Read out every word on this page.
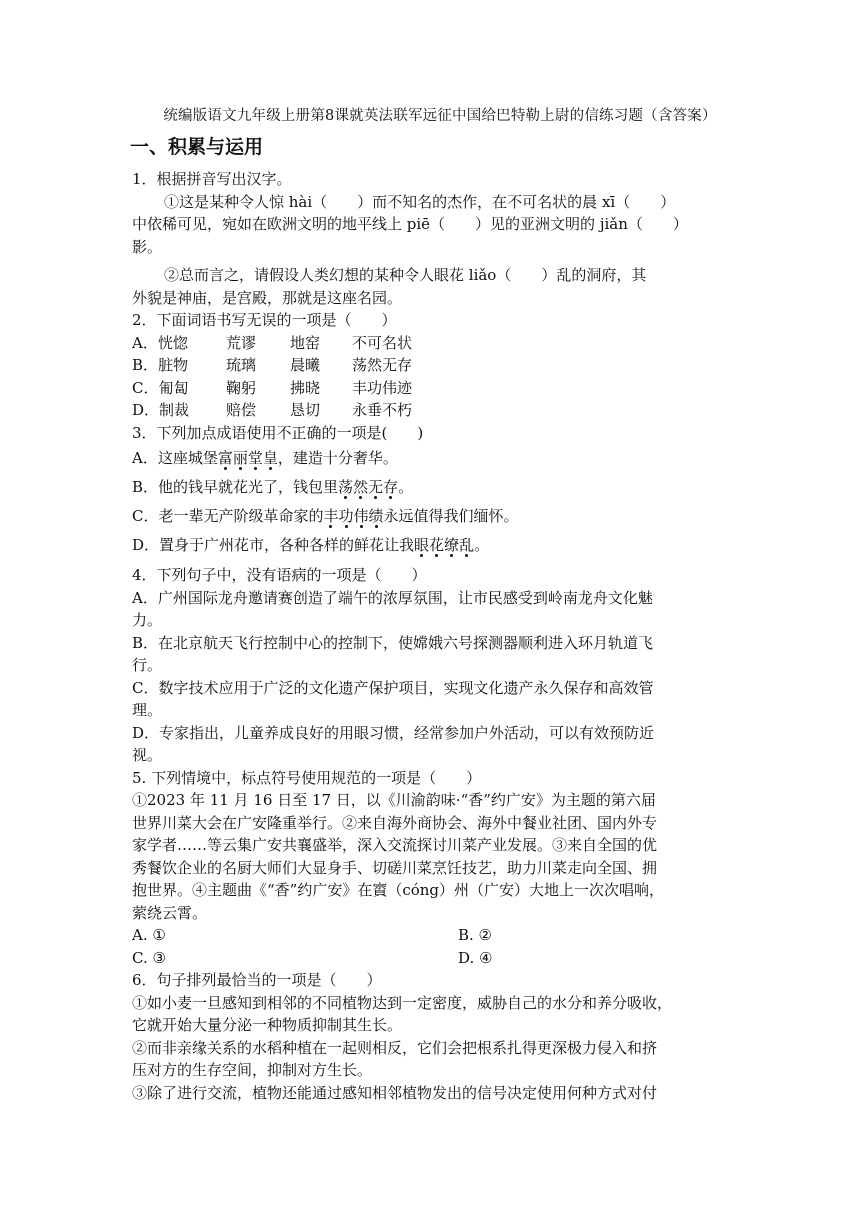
统编版语文九年级上册第8课就英法联军远征中国给巴特勒上尉的信练习题（含答案）
一、积累与运用
1．根据拼音写出汉字。
①这是某种令人惊 hài（　　）而不知名的杰作，在不可名状的晨 xī（　　）
中依稀可见，宛如在欧洲文明的地平线上 piē（　　）见的亚洲文明的 jiǎn（　　）
影。
②总而言之，请假设人类幻想的某种令人眼花 liǎo（　　）乱的洞府，其
外貌是神庙，是宫殿，那就是这座名园。
2．下面词语书写无误的一项是（　　）
A．恍惚	荒谬	地窑	不可名状
B．脏物	琉璃	晨曦	荡然无存
C．匍匐	鞠躬	拂晓	丰功伟迹
D．制裁	赔偿	恳切	永垂不朽
3．下列加点成语使用不正确的一项是(　　)
A．这座城堡富丽堂皇，建造十分奢华。
B．他的钱早就花光了，钱包里荡然无存。
C．老一辈无产阶级革命家的丰功伟绩永远值得我们缅怀。
D．置身于广州花市，各种各样的鲜花让我眼花缭乱。
4．下列句子中，没有语病的一项是（　　）
A．广州国际龙舟邀请赛创造了端午的浓厚氛围，让市民感受到岭南龙舟文化魅
力。
B．在北京航天飞行控制中心的控制下，使嫦娥六号探测器顺利进入环月轨道飞
行。
C．数字技术应用于广泛的文化遗产保护项目，实现文化遗产永久保存和高效管
理。
D．专家指出，儿童养成良好的用眼习惯，经常参加户外活动，可以有效预防近
视。
5. 下列情境中，标点符号使用规范的一项是（　　）
①2023 年 11 月 16 日至 17 日，以《川渝韵味·“香”约广安》为主题的第六届
世界川菜大会在广安隆重举行。②来自海外商协会、海外中餐业社团、国内外专
家学者……等云集广安共襄盛举，深入交流探讨川菜产业发展。③来自全国的优
秀餐饮企业的名厨大师们大显身手、切磋川菜烹饪技艺，助力川菜走向全国、拥
抱世界。④主题曲《“香”约广安》在賨（cóng）州（广安）大地上一次次唱响，
萦绕云霄。
A. ①	B. ②
C. ③	D. ④
6．句子排列最恰当的一项是（　　）
①如小麦一旦感知到相邻的不同植物达到一定密度，威胁自己的水分和养分吸收，
它就开始大量分泌一种物质抑制其生长。
②而非亲缘关系的水稻种植在一起则相反，它们会把根系扎得更深极力侵入和挤
压对方的生存空间，抑制对方生长。
③除了进行交流，植物还能通过感知相邻植物发出的信号决定使用何种方式对付
